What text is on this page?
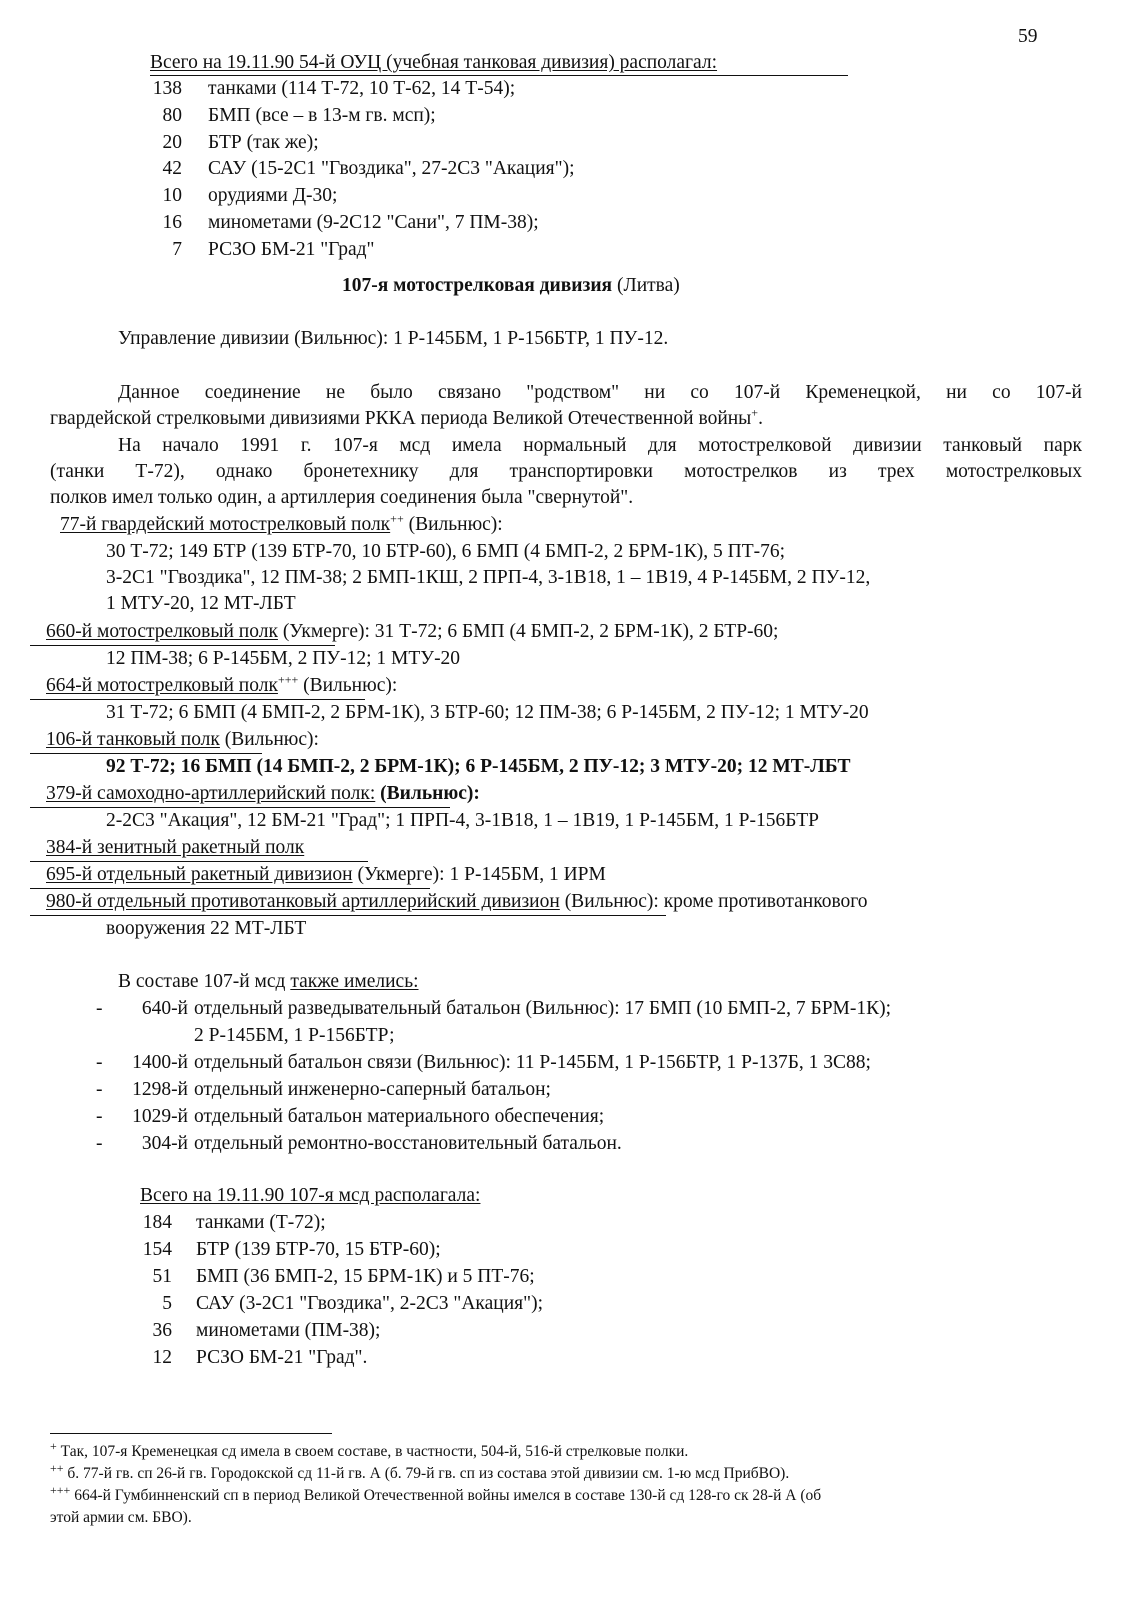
59
Всего на 19.11.90 54-й ОУЦ (учебная танковая дивизия) располагал:
138 танками (114 Т-72, 10 Т-62, 14 Т-54);
80 БМП (все – в 13-м гв. мсп);
20 БТР (так же);
42 САУ (15-2С1 "Гвоздика", 27-2С3 "Акация");
10 орудиями Д-30;
16 минометами (9-2С12 "Сани", 7 ПМ-38);
7 РСЗО БМ-21 "Град"
107-я мотострелковая дивизия (Литва)
Управление дивизии (Вильнюс): 1 Р-145БМ, 1 Р-156БТР, 1 ПУ-12.
Данное соединение не было связано "родством" ни со 107-й Кременецкой, ни со 107-й
гвардейской стрелковыми дивизиями РККА периода Великой Отечественной войны+.
На начало 1991 г. 107-я мсд имела нормальный для мотострелковой дивизии танковый парк
(танки Т-72), однако бронетехнику для транспортировки мотострелков из трех мотострелковых
полков имел только один, а артиллерия соединения была "свернутой".
77-й гвардейский мотострелковый полк++ (Вильнюс):
30 Т-72; 149 БТР (139 БТР-70, 10 БТР-60), 6 БМП (4 БМП-2, 2 БРМ-1К), 5 ПТ-76;
3-2С1 "Гвоздика", 12 ПМ-38; 2 БМП-1КШ, 2 ПРП-4, 3-1В18, 1 – 1В19, 4 Р-145БМ, 2 ПУ-12,
1 МТУ-20, 12 МТ-ЛБТ
660-й мотострелковый полк (Укмерге): 31 Т-72; 6 БМП (4 БМП-2, 2 БРМ-1К), 2 БТР-60;
12 ПМ-38; 6 Р-145БМ, 2 ПУ-12; 1 МТУ-20
664-й мотострелковый полк+++ (Вильнюс):
31 Т-72; 6 БМП (4 БМП-2, 2 БРМ-1К), 3 БТР-60; 12 ПМ-38; 6 Р-145БМ, 2 ПУ-12; 1 МТУ-20
106-й танковый полк (Вильнюс):
92 Т-72; 16 БМП (14 БМП-2, 2 БРМ-1К); 6 Р-145БМ, 2 ПУ-12; 3 МТУ-20; 12 МТ-ЛБТ
379-й самоходно-артиллерийский полк: (Вильнюс):
2-2С3 "Акация", 12 БМ-21 "Град"; 1 ПРП-4, 3-1В18, 1 – 1В19, 1 Р-145БМ, 1 Р-156БТР
384-й зенитный ракетный полк
695-й отдельный ракетный дивизион (Укмерге): 1 Р-145БМ, 1 ИРМ
980-й отдельный противотанковый артиллерийский дивизион (Вильнюс): кроме противотанкового
вооружения 22 МТ-ЛБТ
В составе 107-й мсд также имелись:
-	640-й отдельный разведывательный батальон (Вильнюс): 17 БМП (10 БМП-2, 7 БРМ-1К);
2 Р-145БМ, 1 Р-156БТР;
-	1400-й отдельный батальон связи (Вильнюс): 11 Р-145БМ, 1 Р-156БТР, 1 Р-137Б, 1 3С88;
-	1298-й отдельный инженерно-саперный батальон;
-	1029-й отдельный батальон материального обеспечения;
-	304-й отдельный ремонтно-восстановительный батальон.
Всего на 19.11.90 107-я мсд располагала:
184 танками (Т-72);
154 БТР (139 БТР-70, 15 БТР-60);
51 БМП (36 БМП-2, 15 БРМ-1К) и 5 ПТ-76;
5 САУ (3-2С1 "Гвоздика", 2-2С3 "Акация");
36 минометами (ПМ-38);
12 РСЗО БМ-21 "Град".
+ Так, 107-я Кременецкая сд имела в своем составе, в частности, 504-й, 516-й стрелковые полки.
++ б. 77-й гв. сп 26-й гв. Городокской сд 11-й гв. А (б. 79-й гв. сп из состава этой дивизии см. 1-ю мсд ПрибВО).
+++ 664-й Гумбинненский сп в период Великой Отечественной войны имелся в составе 130-й сд 128-го ск 28-й А (об
этой армии см. БВО).
